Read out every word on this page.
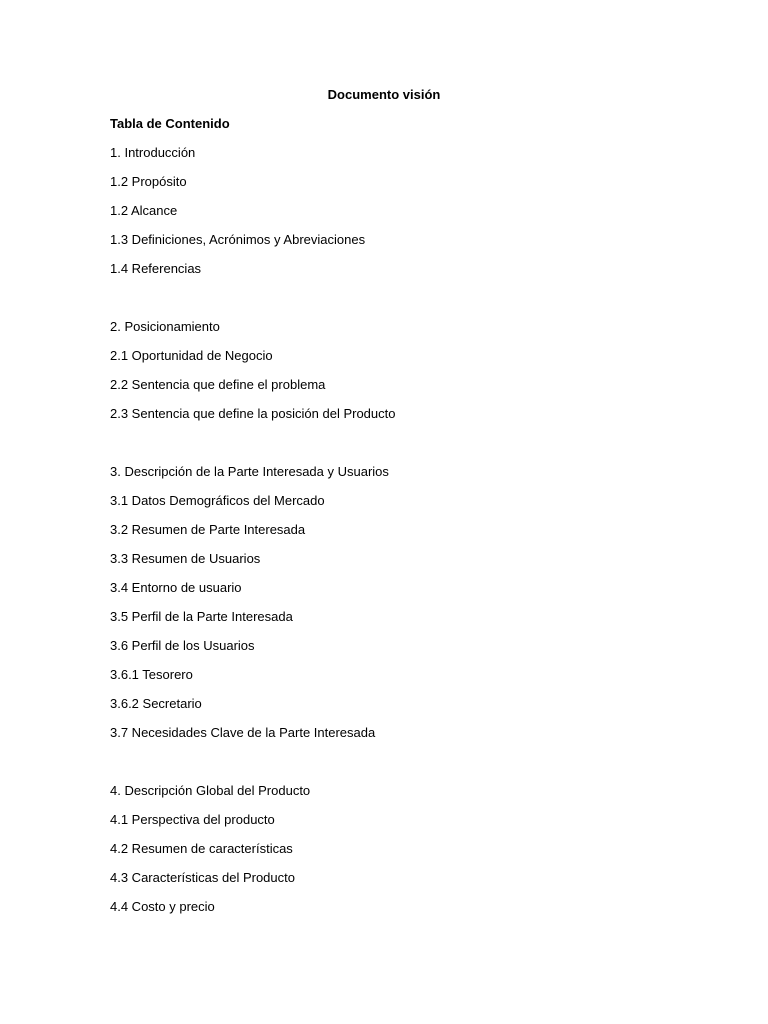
Documento visión
Tabla de Contenido
1. Introducción
1.2 Propósito
1.2 Alcance
1.3 Definiciones, Acrónimos y Abreviaciones
1.4 Referencias
2. Posicionamiento
2.1 Oportunidad de Negocio
2.2 Sentencia que define el problema
2.3 Sentencia que define la posición del Producto
3. Descripción de la Parte Interesada y Usuarios
3.1 Datos Demográficos del Mercado
3.2 Resumen de Parte Interesada
3.3 Resumen de Usuarios
3.4 Entorno de usuario
3.5 Perfil de la Parte Interesada
3.6 Perfil de los Usuarios
3.6.1 Tesorero
3.6.2 Secretario
3.7 Necesidades Clave de la Parte Interesada
4. Descripción Global del Producto
4.1 Perspectiva del producto
4.2 Resumen de características
4.3 Características del Producto
4.4 Costo y precio
